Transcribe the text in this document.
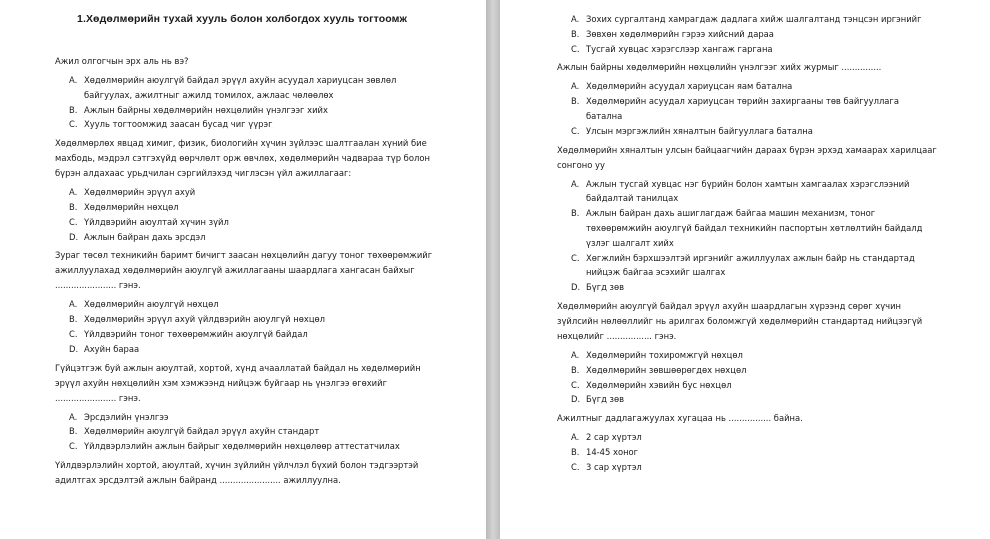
1.Хөдөлмөрийн тухай хууль болон холбогдох хууль тогтоомж

Ажил олгогчын эрх аль нь вэ?

A. Хөдөлмөрийн аюулгүй байдал эрүүл ахуйн асуудал хариуцсан зөвлөл байгуулах, ажилтныг ажилд томилох, ажлаас чөлөөлөх
B. Ажлын байрны хөдөлмөрийн нөхцөлийн үнэлгээг хийх
C. Хууль тогтоомжид заасан бусад чиг үүрэг

Хөдөлмөрлөх явцад химиг, физик, биологийн хүчин зүйлээс шалтгаалан хүний бие махбодь, мэдрэл сэтгэхүйд өөрчлөлт орж өвчлөх, хөдөлмөрийн чадвараа түр болон бүрэн алдахаас урьдчилан сэргийлэхэд чиглэсэн үйл ажиллагааг:

A. Хөдөлмөрийн эрүүл ахуй
B. Хөдөлмөрийн нөхцөл
C. Үйлдвэрийн аюултай хүчин зүйл
D. Ажлын байран дахь эрсдэл

Зураг төсөл техникийн баримт бичигт заасан нөхцөлийн дагуу тоног төхөөрөмжийг ажиллуулахад хөдөлмөрийн аюулгүй ажиллагааны шаардлага хангасан байхыг ....................... гэнэ.

A. Хөдөлмөрийн аюулгүй нөхцөл
B. Хөдөлмөрийн эрүүл ахуй үйлдвэрийн аюулгүй нөхцөл
C. Үйлдвэрийн тоног төхөөрөмжийн аюулгүй байдал
D. Ахуйн бараа

Гүйцэтгэж буй ажлын аюултай, хортой, хүнд ачааллатай байдал нь хөдөлмөрийн эрүүл ахуйн нөхцөлийн хэм хэмжээнд нийцэж буйгаар нь үнэлгээ өгөхийг ....................... гэнэ.

A. Эрсдэлийн үнэлгээ
B. Хөдөлмөрийн аюулгүй байдал эрүүл ахуйн стандарт
C. Үйлдвэрлэлийн ажлын байрыг хөдөлмөрийн нөхцөлөөр аттестатчилах

Үйлдвэрлэлийн хортой, аюултай, хүчин зүйлийн үйлчлэл бүхий болон тэдгээртэй адилтгах эрсдэлтэй ажлын байранд ....................... ажиллуулна.

A. Зохих сургалтанд хамрагдаж дадлага хийж шалгалтанд тэнцсэн иргэнийг
B. Зөвхөн хөдөлмөрийн гэрээ хийсний дараа
C. Тусгай хувцас хэрэгслээр хангаж гаргана

Ажлын байрны хөдөлмөрийн нөхцөлийн үнэлгээг хийх журмыг ...............

A. Хөдөлмөрийн асуудал хариуцсан яам батална
B. Хөдөлмөрийн асуудал хариуцсан төрийн захиргааны төв байгууллага батална
C. Улсын мэргэжлийн хяналтын байгууллага батална

Хөдөлмөрийн хяналтын улсын байцаагчийн дараах бүрэн эрхэд хамаарах харилцааг сонгоно уу

A. Ажлын тусгай хувцас нэг бүрийн болон хамтын хамгаалах хэрэгслээний байдалтай танилцах
B. Ажлын байран дахь ашиглагдаж байгаа машин механизм, тоног төхөөрөмжийн аюулгүй байдал техникийн паспортын хөтлөлтийн байдалд үзлэг шалгалт хийх
C. Хөгжлийн бэрхшээлтэй иргэнийг ажиллуулах ажлын байр нь стандартад нийцэж байгаа эсэхийг шалгах
D. Бүгд зөв

Хөдөлмөрийн аюулгүй байдал эрүүл ахуйн шаардлагын хүрээнд сөрөг хүчин зүйлсийн нөлөөллийг нь арилгах боломжгүй хөдөлмөрийн стандартад нийцээгүй нөхцөлийг ................. гэнэ.

A. Хөдөлмөрийн тохиромжгүй нөхцөл
B. Хөдөлмөрийн зөвшөөрөгдөх нөхцөл
C. Хөдөлмөрийн хэвийн бус нөхцөл
D. Бүгд зөв

Ажилтныг дадлагажуулах хугацаа нь ................ байна.

A. 2 сар хүртэл
B. 14-45 хоног
C. 3 сар хүртэл
